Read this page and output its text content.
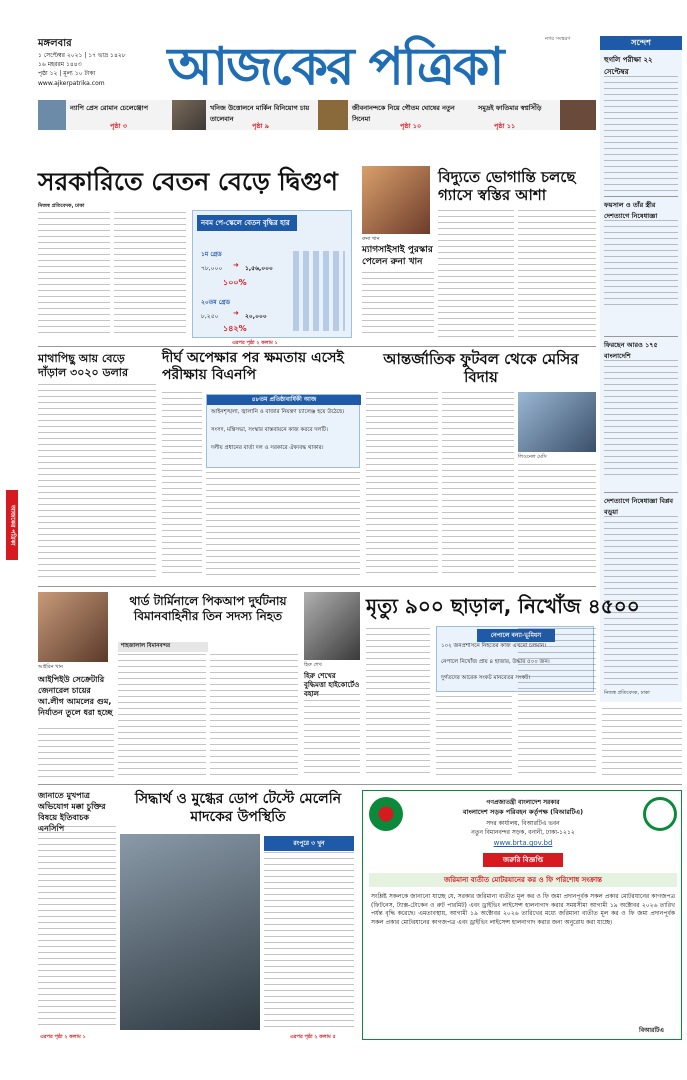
আজকের পত্রিকা
মঙ্গলবার
১ সেপ্টেম্বর ২০২১ | ১৭ ভাদ্র ১৪২৮
১৬ মহররম ১৪৪৩
পৃষ্ঠা ১২ | মূল্য ১০ টাকা
www.ajkerpatrika.com	আজকের পত্রিকা	নগর সংস্করণ
ন্যাপি প্রেস রোমান চেলেঞ্জোপ
পৃষ্ঠা ৩
খনিজ উত্তোলনে মার্কিন বিনিয়োগ চায় তালেবান
পৃষ্ঠা ৯
জীবনানন্দকে নিয়ে গৌতম ঘোষের নতুন সিনেমা
পৃষ্ঠা ১০
সমুদ্রই ফাতিমার স্বপ্নসিঁড়ি
পৃষ্ঠা ১১
সন্দেশ
হুগলি পরীক্ষা ২২ সেপ্টেম্বর
ফয়সাল ও তাঁর স্ত্রীর দেশত্যাগে নিষেধাজ্ঞা
ফিরছেন আরও ১৭৫ বাংলাদেশি
দেশত্যাগে নিষেধাজ্ঞা বিপ্লব বড়ুয়া
নিজস্ব প্রতিবেদক, ঢাকা
সরকারিতে বেতন বেড়ে দ্বিগুণ
নিজস্ব প্রতিবেদক, ঢাকা
নবম পে-স্কেলে বেতন বৃদ্ধির হার
১ম গ্রেড
৭৮,০০০ ➜ ১,৫৬,০০০
১০০%
২০তম গ্রেড
৮,২৫০ ➜ ২০,০০০
১৪২%
এরপর পৃষ্ঠা ২ কলাম ১
রুনা খান
ম্যাগসাইসাই পুরস্কার পেলেন রুনা খান
বিদ্যুতে ভোগান্তি চলছে গ্যাসে স্বস্তির আশা
মাথাপিছু আয় বেড়ে দাঁড়াল ৩০২০ ডলার
দীর্ঘ অপেক্ষার পর ক্ষমতায় এসেই পরীক্ষায় বিএনপি
৪৮তম প্রতিষ্ঠাবার্ষিকী আজ
আইনশৃঙ্খলা, জ্বালানি ও বাজার নিয়ন্ত্রণ চ্যালেঞ্জ হয়ে উঠেছে।
সংসদ, মন্ত্রিসভা, সংস্কার বাস্তবায়নে কাজ করবে দলটি।
দলীয় প্রধানের বার্তা দল ও সরকারে ঐক্যবদ্ধ থাকার।
আন্তর্জাতিক ফুটবল থেকে মেসির বিদায়
লিওনেল মেসি
আইরিন খান
আইপিইউ সেক্রেটারি জেনারেল চায়ের আ.লীগ আমলের গুম, নির্যাতন তুলে ধরা হচ্ছে
থার্ড টার্মিনালে পিকআপ দুর্ঘটনায় বিমানবাহিনীর তিন সদস্য নিহত
শাহজালাল বিমানবন্দর
হিরু শেখ
হিরু শেখের বুদ্ধিমত্তা হাইকোর্টেও বহাল
মৃত্যু ৯০০ ছাড়াল, নিখোঁজ ৪৫০০
নেপালে বন্যা-ভূমিধস
১০২ জনপ্রশাসনে নিহতের কাজ এখনো চলমান।
নেপালে নিখোঁজ প্রায় ৪ হাজার, উদ্ধার ৫০০ জন।
দুর্গতদের আরেক সংকট মানবেতর সংকট।
সিদ্ধার্থ ও মুগ্ধের ডোপ টেস্টে মেলেনি মাদকের উপস্থিতি
রংপুরে ৩ খুন
জানাতে মুখপাত্র অভিযোগ মক্কা চুক্তির বিষয়ে ইতিবাচক এনসিপি
এরপর পৃষ্ঠা ২ কলাম ১	এরপর পৃষ্ঠা ২ কলাম ৫
গণপ্রজাতন্ত্রী বাংলাদেশ সরকার
বাংলাদেশ সড়ক পরিবহন কর্তৃপক্ষ (বিআরটিএ)
সদর কার্যালয়, বিআরটিএ ভবন
নতুন বিমানবন্দর সড়ক, বনানী, ঢাকা-১২১২
www.brta.gov.bd
জরুরি বিজ্ঞপ্তি
জরিমানা ব্যতীত মোটরযানের কর ও ফি পরিশোধ সংক্রান্ত
সংশ্লিষ্ট সকলকে জানানো যাচ্ছে যে, সরকার জরিমানা ব্যতীত মূল কর ও ফি জমা প্রদানপূর্বক সকল প্রকার মোটরযানের কাগজপত্র (ফিটনেস, ট্যাক্স-টোকেন ও রুট পারমিট) এবং ড্রাইভিং লাইসেন্স হালনাগাদ করার সময়সীমা আগামী ১৯ অক্টোবর ২০২৬ তারিখ পর্যন্ত বৃদ্ধি করেছে। এমতাবস্থায়, আগামী ১৯ অক্টোবর ২০২৬ তারিখের মধ্যে জরিমানা ব্যতীত মূল কর ও ফি জমা প্রদানপূর্বক সকল প্রকার মোটরযানের কাগজপত্র এবং ড্রাইভিং লাইসেন্স হালনাগাদ করার জন্য অনুরোধ করা যাচ্ছে।
বিআরটিএ
